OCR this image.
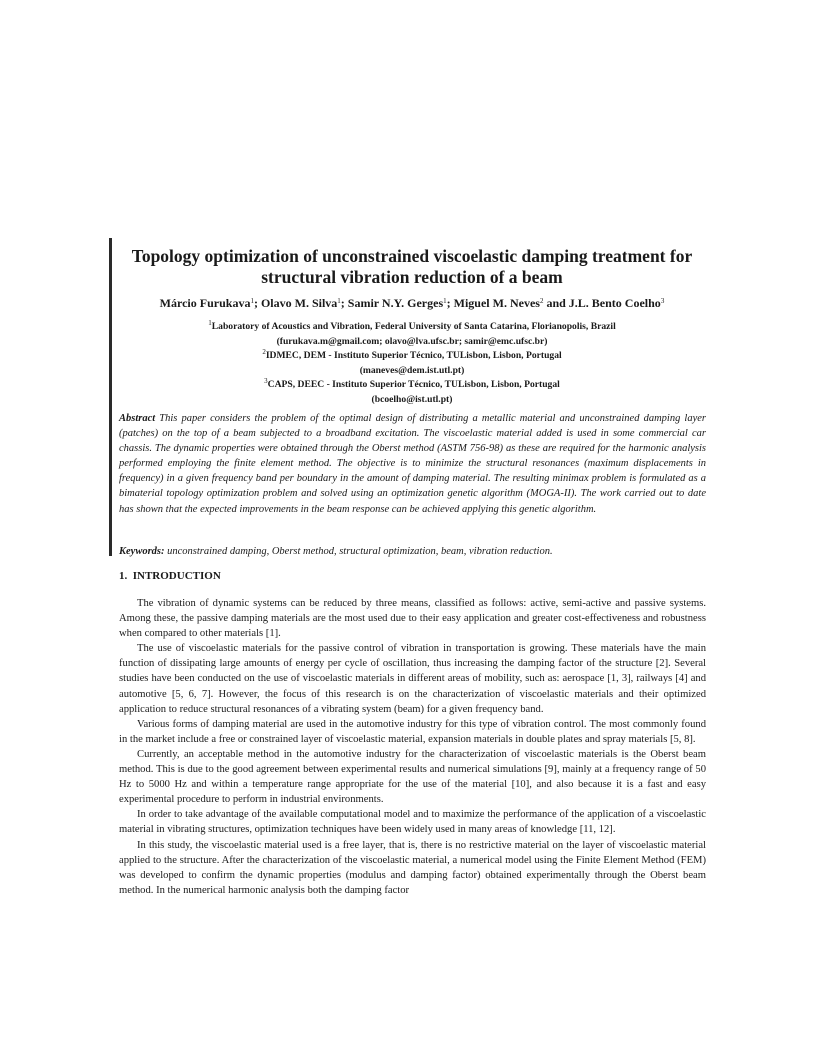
Topology optimization of unconstrained viscoelastic damping treatment for structural vibration reduction of a beam

Márcio Furukava$^1$; Olavo M. Silva$^1$; Samir N.Y. Gerges$^1$; Miguel M. Neves$^2$ and J.L. Bento Coelho$^3$

$^1$Laboratory of Acoustics and Vibration, Federal University of Santa Catarina, Florianopolis, Brazil
(furukava.m@gmail.com; olavo@lva.ufsc.br; samir@emc.ufsc.br)
$^2$IDMEC, DEM - Instituto Superior Técnico, TULisbon, Lisbon, Portugal
(maneves@dem.ist.utl.pt)
$^3$CAPS, DEEC - Instituto Superior Técnico, TULisbon, Lisbon, Portugal
(bcoelho@ist.utl.pt)

Abstract This paper considers the problem of the optimal design of distributing a metallic material and unconstrained damping layer (patches) on the top of a beam subjected to a broadband excitation. The viscoelastic material added is used in some commercial car chassis. The dynamic properties were obtained through the Oberst method (ASTM 756-98) as these are required for the harmonic analysis performed employing the finite element method. The objective is to minimize the structural resonances (maximum displacements in frequency) in a given frequency band per boundary in the amount of damping material. The resulting minimax problem is formulated as a bimaterial topology optimization problem and solved using an optimization genetic algorithm (MOGA-II). The work carried out to date has shown that the expected improvements in the beam response can be achieved applying this genetic algorithm.

Keywords: unconstrained damping, Oberst method, structural optimization, beam, vibration reduction.

1. INTRODUCTION

The vibration of dynamic systems can be reduced by three means, classified as follows: active, semi-active and passive systems. Among these, the passive damping materials are the most used due to their easy application and greater cost-effectiveness and robustness when compared to other materials [1].

The use of viscoelastic materials for the passive control of vibration in transportation is growing. These materials have the main function of dissipating large amounts of energy per cycle of oscillation, thus increasing the damping factor of the structure [2]. Several studies have been conducted on the use of viscoelastic materials in different areas of mobility, such as: aerospace [1, 3], railways [4] and automotive [5, 6, 7]. However, the focus of this research is on the characterization of viscoelastic materials and their optimized application to reduce structural resonances of a vibrating system (beam) for a given frequency band.

Various forms of damping material are used in the automotive industry for this type of vibration control. The most commonly found in the market include a free or constrained layer of viscoelastic material, expansion materials in double plates and spray materials [5, 8].

Currently, an acceptable method in the automotive industry for the characterization of viscoelastic materials is the Oberst beam method. This is due to the good agreement between experimental results and numerical simulations [9], mainly at a frequency range of 50 Hz to 5000 Hz and within a temperature range appropriate for the use of the material [10], and also because it is a fast and easy experimental procedure to perform in industrial environments.

In order to take advantage of the available computational model and to maximize the performance of the application of a viscoelastic material in vibrating structures, optimization techniques have been widely used in many areas of knowledge [11, 12].

In this study, the viscoelastic material used is a free layer, that is, there is no restrictive material on the layer of viscoelastic material applied to the structure. After the characterization of the viscoelastic material, a numerical model using the Finite Element Method (FEM) was developed to confirm the dynamic properties (modulus and damping factor) obtained experimentally through the Oberst beam method. In the numerical harmonic analysis both the damping factor
